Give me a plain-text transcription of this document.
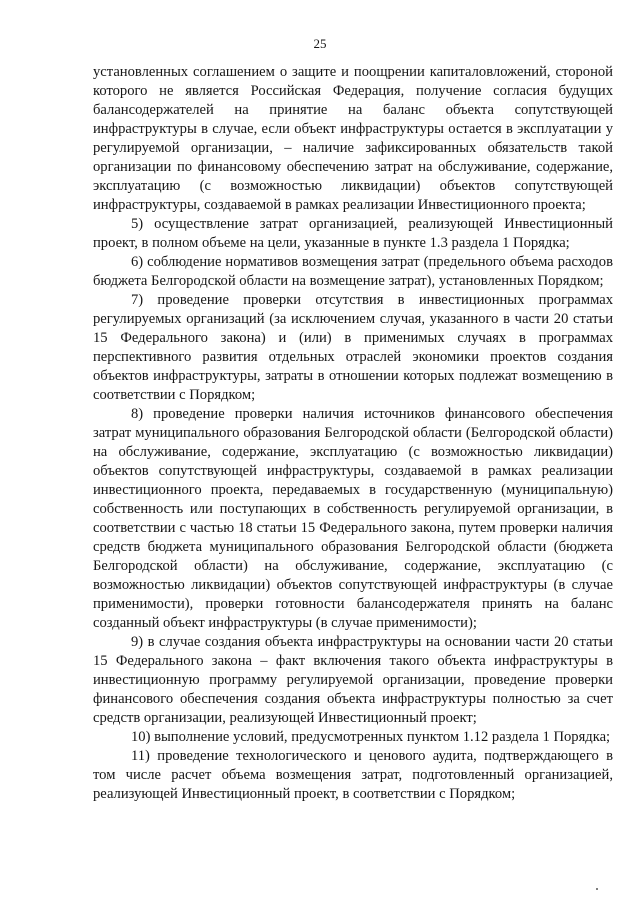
25

установленных соглашением о защите и поощрении капиталовложений, стороной которого не является Российская Федерация, получение согласия будущих балансодержателей на принятие на баланс объекта сопутствующей инфраструктуры в случае, если объект инфраструктуры остается в эксплуатации у регулируемой организации, – наличие зафиксированных обязательств такой организации по финансовому обеспечению затрат на обслуживание, содержание, эксплуатацию (с возможностью ликвидации) объектов сопутствующей инфраструктуры, создаваемой в рамках реализации Инвестиционного проекта;

5) осуществление затрат организацией, реализующей Инвестиционный проект, в полном объеме на цели, указанные в пункте 1.3 раздела 1 Порядка;

6) соблюдение нормативов возмещения затрат (предельного объема расходов бюджета Белгородской области на возмещение затрат), установленных Порядком;

7) проведение проверки отсутствия в инвестиционных программах регулируемых организаций (за исключением случая, указанного в части 20 статьи 15 Федерального закона) и (или) в применимых случаях в программах перспективного развития отдельных отраслей экономики проектов создания объектов инфраструктуры, затраты в отношении которых подлежат возмещению в соответствии с Порядком;

8) проведение проверки наличия источников финансового обеспечения затрат муниципального образования Белгородской области (Белгородской области) на обслуживание, содержание, эксплуатацию (с возможностью ликвидации) объектов сопутствующей инфраструктуры, создаваемой в рамках реализации инвестиционного проекта, передаваемых в государственную (муниципальную) собственность или поступающих в собственность регулируемой организации, в соответствии с частью 18 статьи 15 Федерального закона, путем проверки наличия средств бюджета муниципального образования Белгородской области (бюджета Белгородской области) на обслуживание, содержание, эксплуатацию (с возможностью ликвидации) объектов сопутствующей инфраструктуры (в случае применимости), проверки готовности балансодержателя принять на баланс созданный объект инфраструктуры (в случае применимости);

9) в случае создания объекта инфраструктуры на основании части 20 статьи 15 Федерального закона – факт включения такого объекта инфраструктуры в инвестиционную программу регулируемой организации, проведение проверки финансового обеспечения создания объекта инфраструктуры полностью за счет средств организации, реализующей Инвестиционный проект;

10) выполнение условий, предусмотренных пунктом 1.12 раздела 1 Порядка;

11) проведение технологического и ценового аудита, подтверждающего в том числе расчет объема возмещения затрат, подготовленный организацией, реализующей Инвестиционный проект, в соответствии с Порядком;
